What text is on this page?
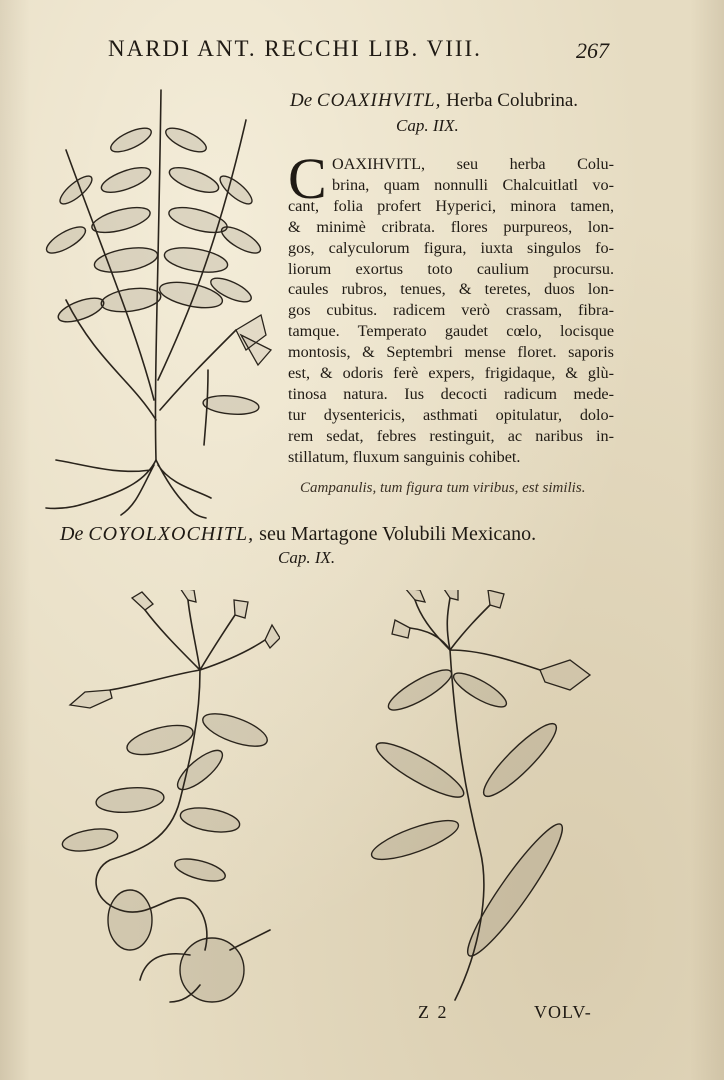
NARDI ANT. RECCHI LIB. VIII.	267
De COAXIHVITL, Herba Colubrina.
Cap. IIX.
C OAXIHVITL, seu herba Colu-
brina, quam nonnulli Chalcuitlatl vo-
cant, folia profert Hyperici, minora tamen,
& minimè cribrata. flores purpureos, lon-
gos, calyculorum figura, iuxta singulos fo-
liorum exortus toto caulium procursu.
caules rubros, tenues, & teretes, duos lon-
gos cubitus. radicem verò crassam, fibra-
tamque. Temperato gaudet cœlo, locisque
montosis, & Septembri mense floret. saporis
est, & odoris ferè expers, frigidaque, & glù-
tinosa natura. Ius decocti radicum mede-
tur dysentericis, asthmati opitulatur, dolo-
rem sedat, febres restinguit, ac naribus in-
stillatum, fluxum sanguinis cohibet.
Campanulis, tum figura tum viribus, est similis.
De COYOLXOCHITL, seu Martagone Volubili Mexicano.
Cap. IX.
Z 2	VOLV-
